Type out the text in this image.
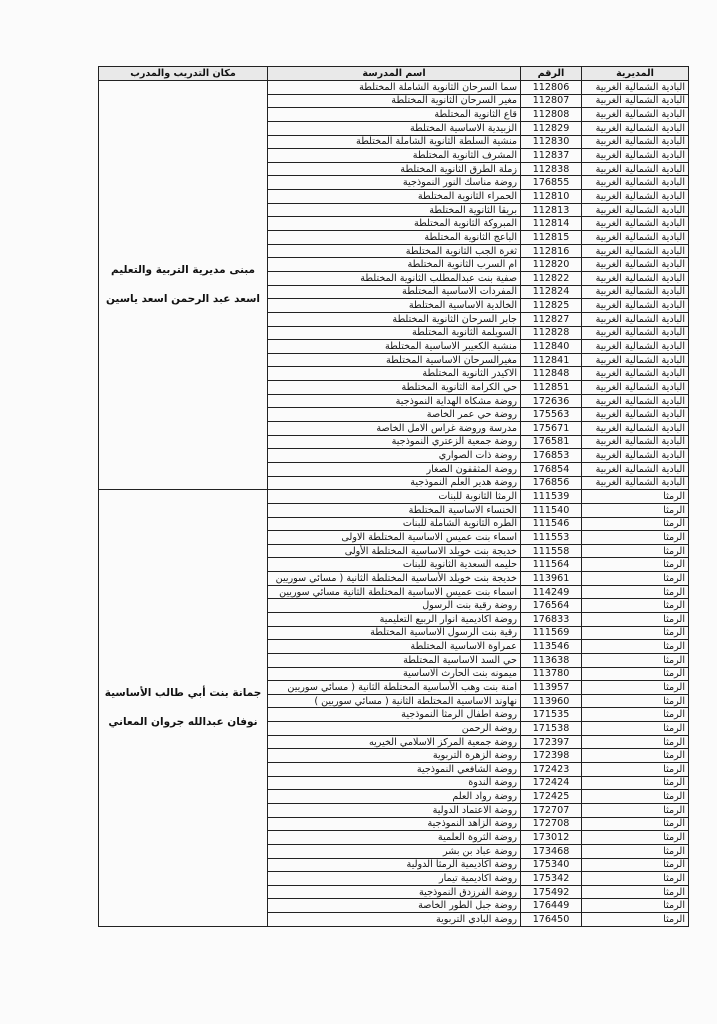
المديرية	الرقم	اسم المدرسة	مكان التدريب والمدرب
البادية الشمالية الغربية	112806	سما السرحان الثانوية الشاملة المختلطة	مبنى مديرية التربية والتعليم
اسعد عبد الرحمن اسعد ياسين

البادية الشمالية الغربية	112807	مغير السرحان الثانوية المختلطة	
البادية الشمالية الغربية	112808	قاع الثانوية المختلطة	
البادية الشمالية الغربية	112829	الزبيدية الاساسية المختلطة	
البادية الشمالية الغربية	112830	منشية السلطة الثانوية الشاملة المختلطة	
البادية الشمالية الغربية	112837	المشرف الثانوية المختلطة	
البادية الشمالية الغربية	112838	زملة الطرق الثانوية المختلطة	
البادية الشمالية الغربية	176855	روضة مناسك النور النموذجية	
البادية الشمالية الغربية	112810	الحمراء الثانوية المختلطة	
البادية الشمالية الغربية	112813	بريقا الثانوية المختلطة	
البادية الشمالية الغربية	112814	المبروكة الثانوية المختلطة	
البادية الشمالية الغربية	112815	الباعج الثانوية المختلطة	
البادية الشمالية الغربية	112816	ثغرة الجب الثانوية المختلطة	
البادية الشمالية الغربية	112820	ام السرب الثانوية المختلطة	
البادية الشمالية الغربية	112822	صفية بنت عبدالمطلب الثانوية المختلطة	
البادية الشمالية الغربية	112824	المفردات الاساسية المختلطة	
البادية الشمالية الغربية	112825	الخالدية الاساسية المختلطة	
البادية الشمالية الغربية	112827	جابر السرحان الثانوية المختلطة	
البادية الشمالية الغربية	112828	السويلمة الثانوية المختلطة	
البادية الشمالية الغربية	112840	منشية الكعيبر الاساسية المختلطة	
البادية الشمالية الغربية	112841	مغيرالسرحان الاساسية المختلطة	
البادية الشمالية الغربية	112848	الاكيدر الثانوية المختلطة	
البادية الشمالية الغربية	112851	حي الكرامة الثانوية المختلطة	
البادية الشمالية الغربية	172636	روضة مشكاة الهداية النموذجية	
البادية الشمالية الغربية	175563	روضة حي عمر الخاصة	
البادية الشمالية الغربية	175671	مدرسة وروضة غراس الامل الخاصة	
البادية الشمالية الغربية	176581	روضة جمعية الزعتري النموذجية	
البادية الشمالية الغربية	176853	روضة ذات الصواري	
البادية الشمالية الغربية	176854	روضة المثقفون الصغار	
البادية الشمالية الغربية	176856	روضة هدير العلم النموذجية	
الرمثا	111539	الرمثا الثانوية للبنات	جمانة بنت أبي طالب الأساسية
نوفان عبدالله جروان المعاني

الرمثا	111540	الخنساء الاساسية المختلطة	
الرمثا	111546	الطره الثانوية الشاملة للبنات	
الرمثا	111553	اسماء بنت عميس الاساسية المختلطة الاولى	
الرمثا	111558	خديجة بنت خويلد الاساسية المختلطة الأولى	
الرمثا	111564	حليمه السعدية الثانوية للبنات	
الرمثا	113961	خديجة بنت خويلد الأساسية المختلطة الثانية ( مسائي سوريين	
الرمثا	114249	اسماء بنت عميس الاساسية المختلطة الثانية مسائي سوريين	
الرمثا	176564	روضة رقية بنت الرسول	
الرمثا	176833	روضة اكاديمية انوار الربيع التعليمية	
الرمثا	111569	رقية بنت الرسول الاساسية المختلطة	
الرمثا	113546	عمراوة الاساسية المختلطة	
الرمثا	113638	حي السد الاساسية المختلطة	
الرمثا	113780	ميمونه بنت الحارث الاساسية	
الرمثا	113957	امنة بنت وهب الأساسية المختلطة الثانية ( مسائي سوريين	
الرمثا	113960	نهاوند الاساسية المختلطة الثانية ( مسائي سوريين )	
الرمثا	171535	روضة اطفال الرمثا النموذجية	
الرمثا	171538	روضة الرحمن	
الرمثا	172397	روضة جمعية المركز الاسلامي الخيريه	
الرمثا	172398	روضة الزهرة التربوية	
الرمثا	172423	روضة الشافعي النموذجية	
الرمثا	172424	روضة الندوة	
الرمثا	172425	روضة رواد العلم	
الرمثا	172707	روضة الاعتماد الدولية	
الرمثا	172708	روضة الزاهد النموذجية	
الرمثا	173012	روضة الثروة العلمية	
الرمثا	173468	روضة عباد بن بشر	
الرمثا	175340	روضة اكاديمية الرمثا الدولية	
الرمثا	175342	روضة اكاديمية تيمار	
الرمثا	175492	روضة الفرزدق النموذجية	
الرمثا	176449	روضة جبل الطور الخاصة	
الرمثا	176450	روضة البادي التربوية	
